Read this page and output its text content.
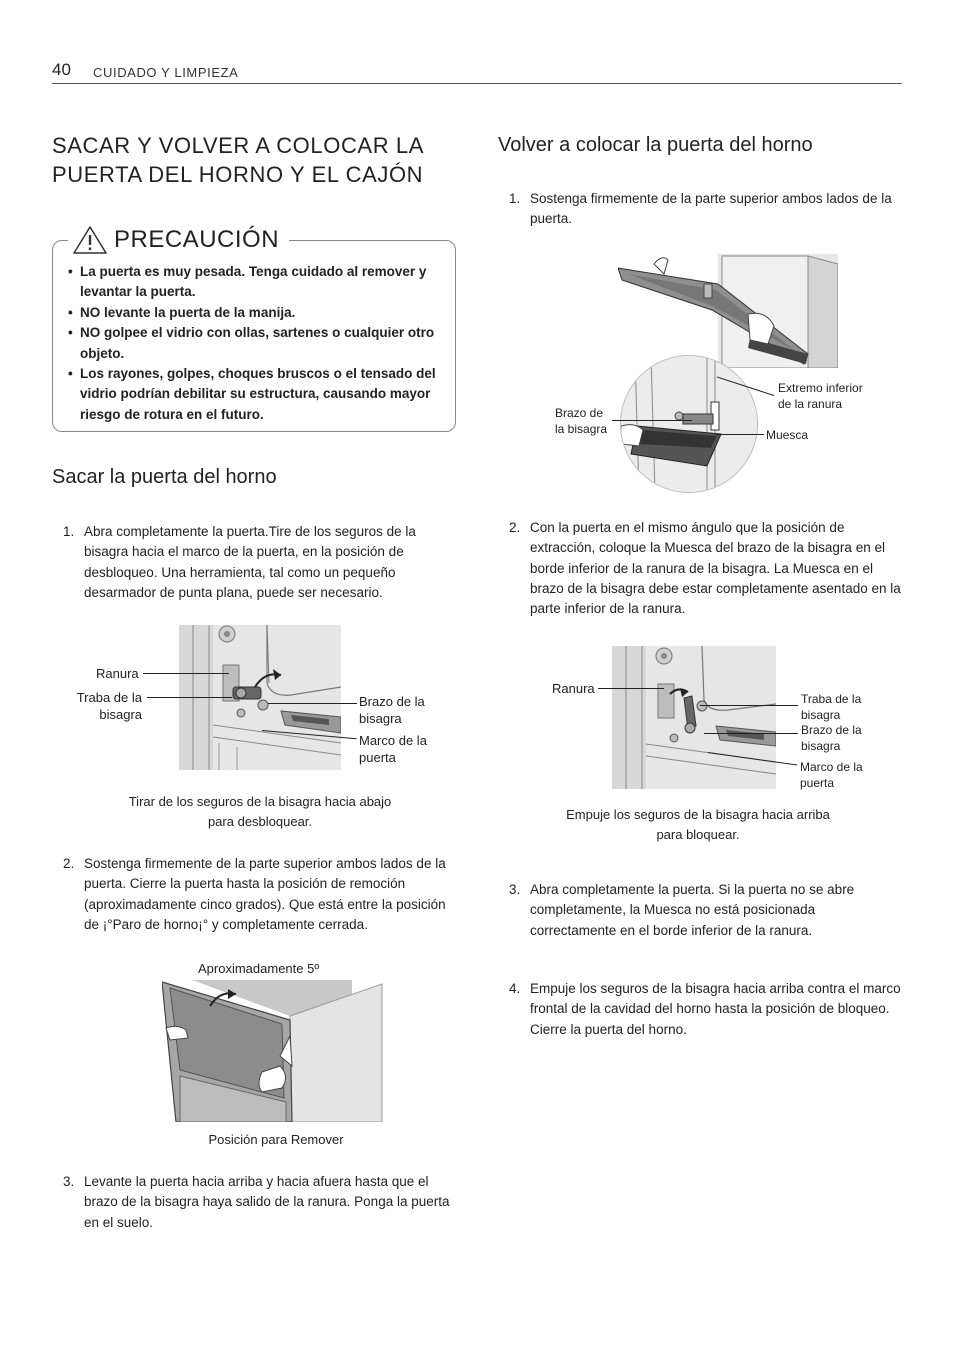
40 CUIDADO Y LIMPIEZA
SACAR Y VOLVER A COLOCAR LA PUERTA DEL HORNO Y EL CAJÓN
PRECAUCIÓN
• La puerta es muy pesada. Tenga cuidado al remover y levantar la puerta.
• NO levante la puerta de la manija.
• NO golpee el vidrio con ollas, sartenes o cualquier otro objeto.
• Los rayones, golpes, choques bruscos o el tensado del vidrio podrían debilitar su estructura, causando mayor riesgo de rotura en el futuro.
Sacar la puerta del horno
1. Abra completamente la puerta.Tire de los seguros de la bisagra hacia el marco de la puerta, en la posición de desbloqueo. Una herramienta, tal como un pequeño desarmador de punta plana, puede ser necesario.
Ranura
Traba de la bisagra
Brazo de la bisagra
Marco de la puerta
Tirar de los seguros de la bisagra hacia abajo para desbloquear.
2. Sostenga firmemente de la parte superior ambos lados de la puerta. Cierre la puerta hasta la posición de remoción (aproximadamente cinco grados). Que está entre la posición de ¡°Paro de horno¡° y completamente cerrada.
Aproximadamente 5º
Posición para Remover
3. Levante la puerta hacia arriba y hacia afuera hasta que el brazo de la bisagra haya salido de la ranura. Ponga la puerta en el suelo.
Volver a colocar la puerta del horno
1. Sostenga firmemente de la parte superior ambos lados de la puerta.
Brazo de la bisagra
Extremo inferior de la ranura
Muesca
2. Con la puerta en el mismo ángulo que la posición de extracción, coloque la Muesca del brazo de la bisagra en el borde inferior de la ranura de la bisagra. La Muesca en el brazo de la bisagra debe estar completamente asentado en la parte inferior de la ranura.
Ranura
Traba de la bisagra
Brazo de la bisagra
Marco de la puerta
Empuje los seguros de la bisagra hacia arriba para bloquear.
3. Abra completamente la puerta. Si la puerta no se abre completamente, la Muesca no está posicionada correctamente en el borde inferior de la ranura.
4. Empuje los seguros de la bisagra hacia arriba contra el marco frontal de la cavidad del horno hasta la posición de bloqueo. Cierre la puerta del horno.
